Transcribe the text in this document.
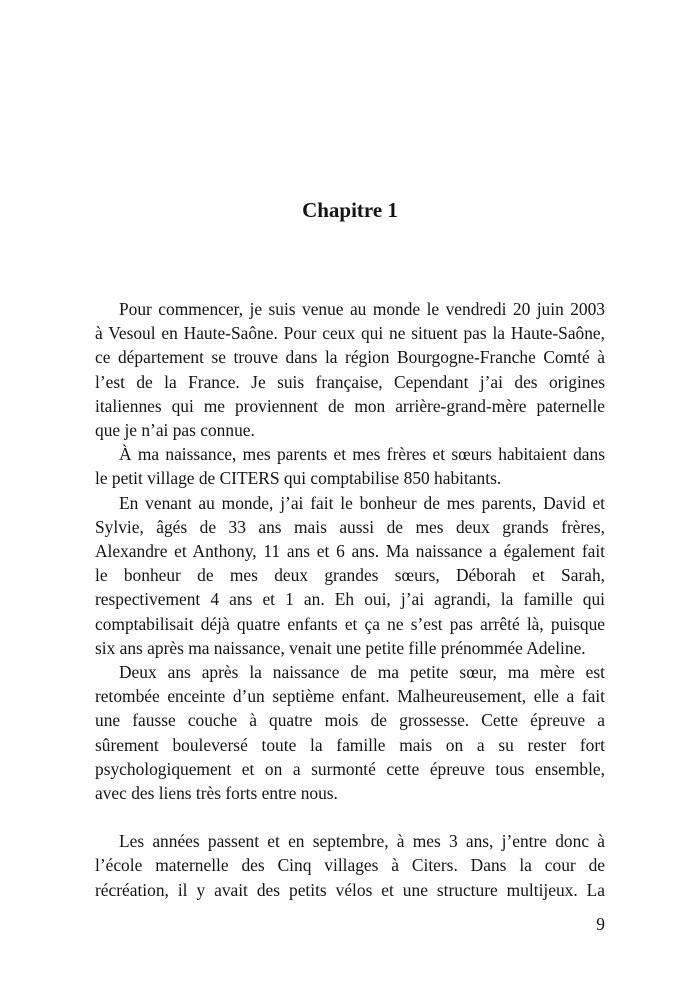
Chapitre 1
Pour commencer, je suis venue au monde le vendredi 20 juin 2003
à Vesoul en Haute-Saône. Pour ceux qui ne situent pas la Haute-Saône,
ce département se trouve dans la région Bourgogne-Franche Comté à
l’est de la France. Je suis française, Cependant j’ai des origines
italiennes qui me proviennent de mon arrière-grand-mère paternelle
que je n’ai pas connue.
À ma naissance, mes parents et mes frères et sœurs habitaient dans
le petit village de CITERS qui comptabilise 850 habitants.
En venant au monde, j’ai fait le bonheur de mes parents, David et
Sylvie, âgés de 33 ans mais aussi de mes deux grands frères,
Alexandre et Anthony, 11 ans et 6 ans. Ma naissance a également fait
le bonheur de mes deux grandes sœurs, Déborah et Sarah,
respectivement 4 ans et 1 an. Eh oui, j’ai agrandi, la famille qui
comptabilisait déjà quatre enfants et ça ne s’est pas arrêté là, puisque
six ans après ma naissance, venait une petite fille prénommée Adeline.
Deux ans après la naissance de ma petite sœur, ma mère est
retombée enceinte d’un septième enfant. Malheureusement, elle a fait
une fausse couche à quatre mois de grossesse. Cette épreuve a
sûrement bouleversé toute la famille mais on a su rester fort
psychologiquement et on a surmonté cette épreuve tous ensemble,
avec des liens très forts entre nous.
Les années passent et en septembre, à mes 3 ans, j’entre donc à
l’école maternelle des Cinq villages à Citers. Dans la cour de
récréation, il y avait des petits vélos et une structure multijeux. La

9
